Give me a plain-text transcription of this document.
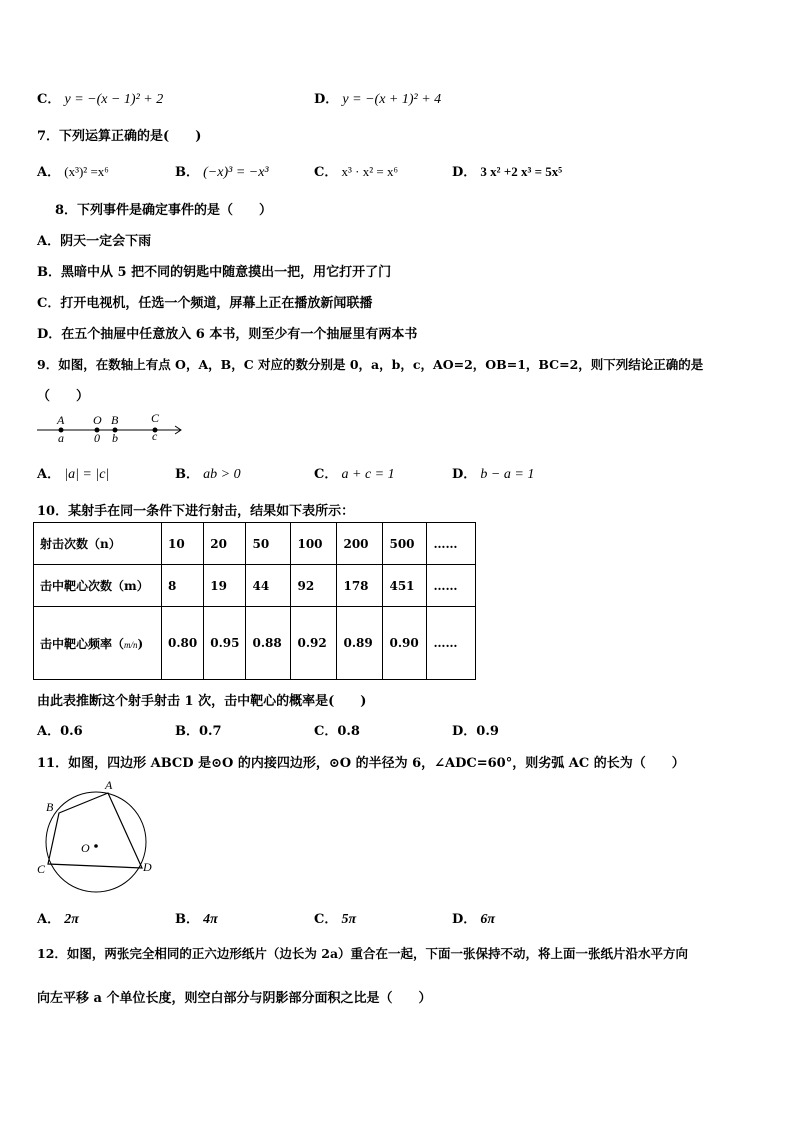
C． y = −(x − 1)² + 2	D． y = −(x + 1)² + 4
7．下列运算正确的是(　　)
A． (x³)² =x⁶	B． (−x)³ = −x³	C． x³ · x² = x⁶	D． 3 x² +2 x³ = 5x⁵
8．下列事件是确定事件的是（　　）
A．阴天一定会下雨
B．黑暗中从 5 把不同的钥匙中随意摸出一把，用它打开了门
C．打开电视机，任选一个频道，屏幕上正在播放新闻联播
D．在五个抽屉中任意放入 6 本书，则至少有一个抽屉里有两本书
9．如图，在数轴上有点 O，A，B，C 对应的数分别是 0，a，b，c，AO=2，OB=1，BC=2，则下列结论正确的是
（　　）
A O B	C
a	0 b	c
A． |a| = |c|	B． ab > 0	C． a + c = 1	D． b − a = 1
10．某射手在同一条件下进行射击，结果如下表所示：
射击次数（n）	10	20	50	100	200	500	……
击中靶心次数（m）	8	19	44	92	178	451	……
击中靶心频率（m/n)	0.80	0.95	0.88	0.92	0.89	0.90	……
由此表推断这个射手射击 1 次，击中靶心的概率是(　　)
A．0.6	B．0.7	C．0.8	D．0.9
11．如图，四边形 ABCD 是⊙O 的内接四边形，⊙O 的半径为 6，∠ADC=60°，则劣弧 AC 的长为（　　）
A
B
C	D
O
A． 2π	B． 4π	C． 5π	D． 6π
12．如图，两张完全相同的正六边形纸片（边长为 2a）重合在一起，下面一张保持不动，将上面一张纸片沿水平方向
向左平移 a 个单位长度，则空白部分与阴影部分面积之比是（　　）
